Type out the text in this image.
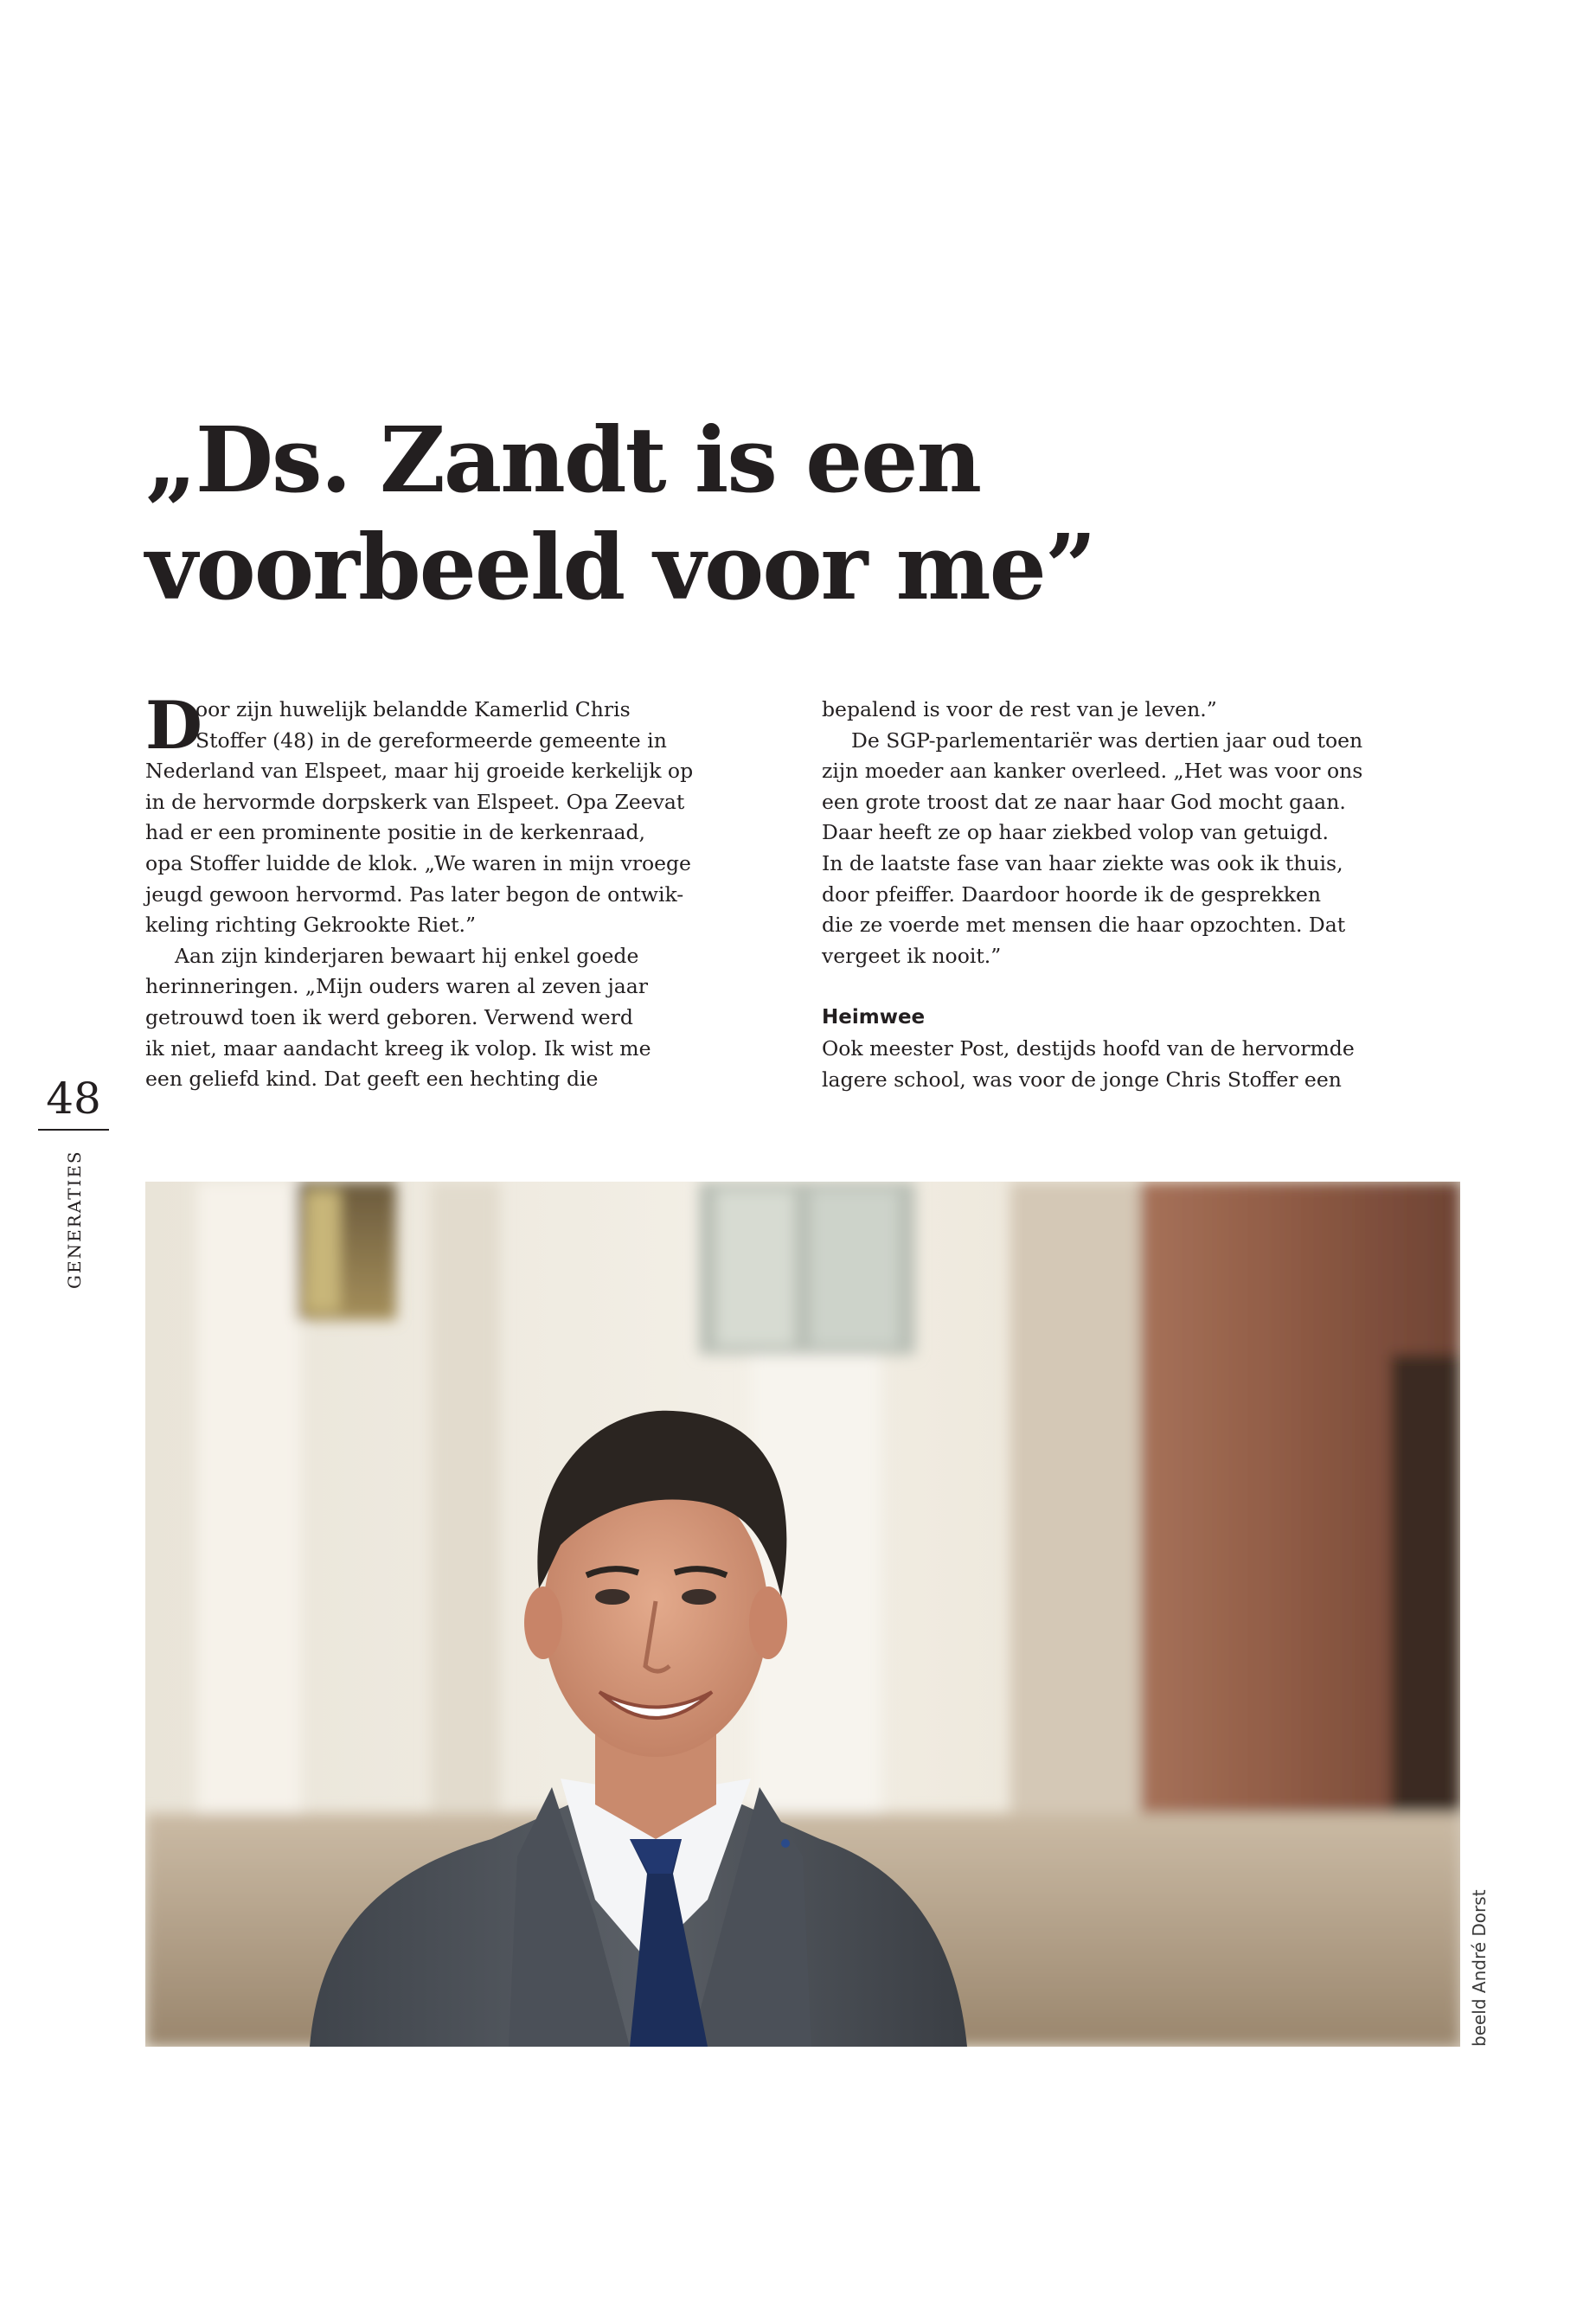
„Ds. Zandt is een
voorbeeld voor me”
D
oor zijn huwelijk belandde Kamerlid Chris
Stoffer (48) in de gereformeerde gemeente in
Nederland van Elspeet, maar hij groeide kerkelijk op
in de hervormde dorpskerk van Elspeet. Opa Zeevat
had er een prominente positie in de kerkenraad,
opa Stoffer luidde de klok. „We waren in mijn vroege
jeugd gewoon hervormd. Pas later begon de ontwik-
keling richting Gekrookte Riet.”
Aan zijn kinderjaren bewaart hij enkel goede
herinneringen. „Mijn ouders waren al zeven jaar
getrouwd toen ik werd geboren. Verwend werd
ik niet, maar aandacht kreeg ik volop. Ik wist me
een geliefd kind. Dat geeft een hechting die
bepalend is voor de rest van je leven.”
De SGP-parlementariër was dertien jaar oud toen
zijn moeder aan kanker overleed. „Het was voor ons
een grote troost dat ze naar haar God mocht gaan.
Daar heeft ze op haar ziekbed volop van getuigd.
In de laatste fase van haar ziekte was ook ik thuis,
door pfeiffer. Daardoor hoorde ik de gesprekken
die ze voerde met mensen die haar opzochten. Dat
vergeet ik nooit.”
Heimwee
Ook meester Post, destijds hoofd van de hervormde
lagere school, was voor de jonge Chris Stoffer een
48
GENERATIES
beeld André Dorst
